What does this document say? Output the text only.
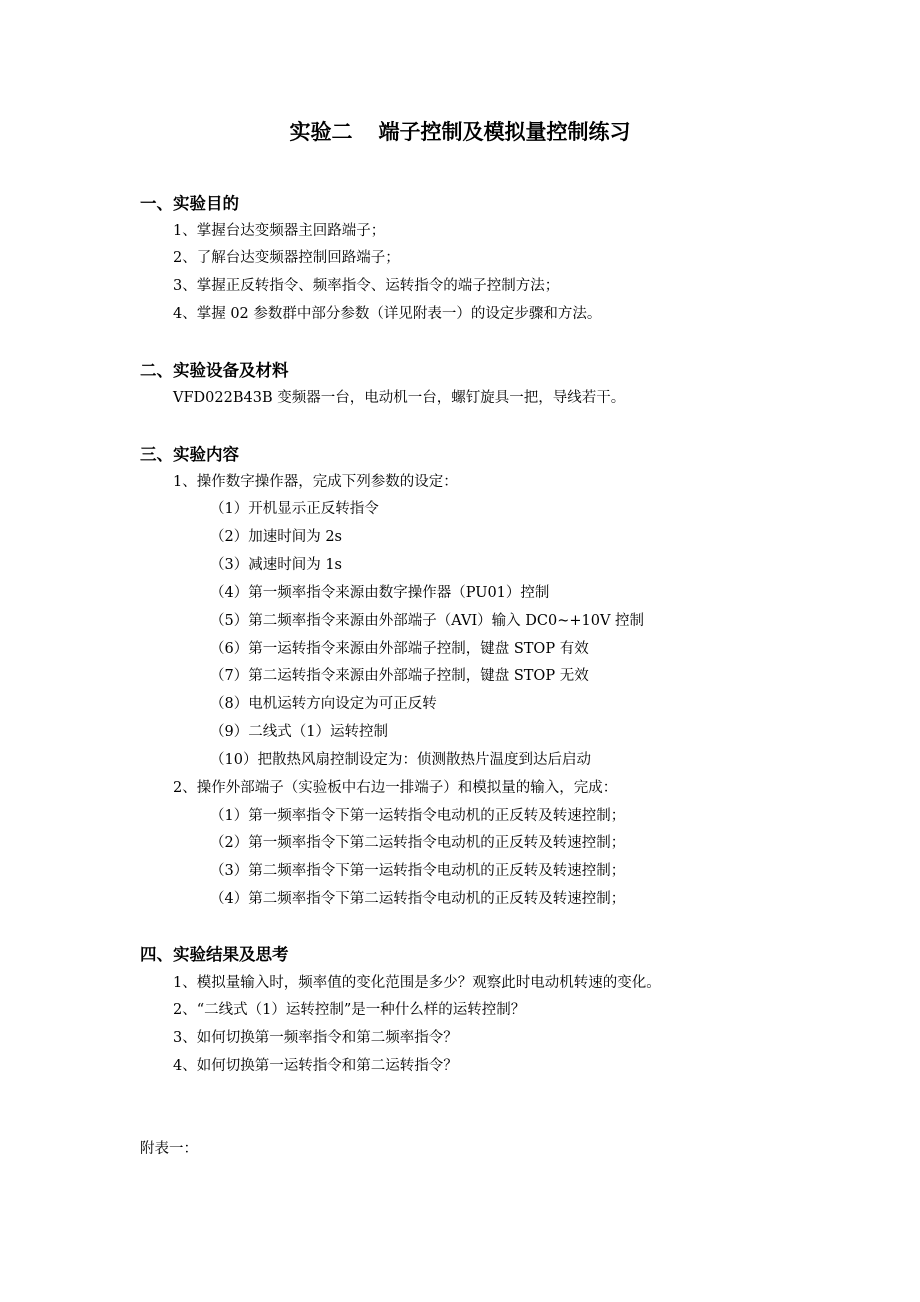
实验二 端子控制及模拟量控制练习
一、实验目的
1、掌握台达变频器主回路端子；
2、了解台达变频器控制回路端子；
3、掌握正反转指令、频率指令、运转指令的端子控制方法；
4、掌握 02 参数群中部分参数（详见附表一）的设定步骤和方法。
二、实验设备及材料
VFD022B43B 变频器一台，电动机一台，螺钉旋具一把，导线若干。
三、实验内容
1、操作数字操作器，完成下列参数的设定：
（1）开机显示正反转指令
（2）加速时间为 2s
（3）减速时间为 1s
（4）第一频率指令来源由数字操作器（PU01）控制
（5）第二频率指令来源由外部端子（AVI）输入 DC0~+10V 控制
（6）第一运转指令来源由外部端子控制，键盘 STOP 有效
（7）第二运转指令来源由外部端子控制，键盘 STOP 无效
（8）电机运转方向设定为可正反转
（9）二线式（1）运转控制
（10）把散热风扇控制设定为：侦测散热片温度到达后启动
2、操作外部端子（实验板中右边一排端子）和模拟量的输入，完成：
（1）第一频率指令下第一运转指令电动机的正反转及转速控制；
（2）第一频率指令下第二运转指令电动机的正反转及转速控制；
（3）第二频率指令下第一运转指令电动机的正反转及转速控制；
（4）第二频率指令下第二运转指令电动机的正反转及转速控制；
四、实验结果及思考
1、模拟量输入时，频率值的变化范围是多少？观察此时电动机转速的变化。
2、“二线式（1）运转控制”是一种什么样的运转控制？
3、如何切换第一频率指令和第二频率指令？
4、如何切换第一运转指令和第二运转指令？
附表一：
